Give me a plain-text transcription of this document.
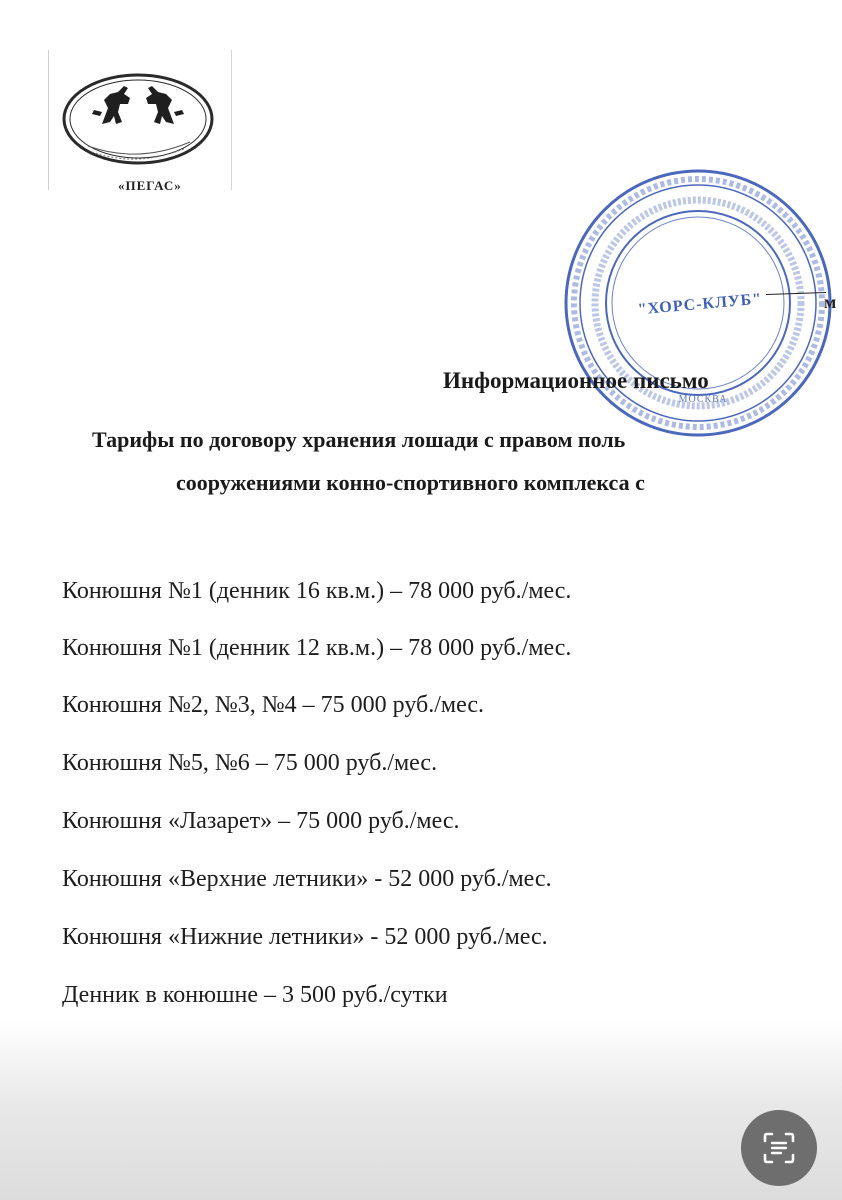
«ПЕГАС»
"ХОРС-КЛУБ"
МОСКВА
м
Информационное письмо
Тарифы по договору хранения лошади с правом поль
сооружениями конно-спортивного комплекса с
Конюшня №1 (денник 16 кв.м.) – 78 000 руб./мес.
Конюшня №1 (денник 12 кв.м.) – 78 000 руб./мес.
Конюшня №2, №3, №4 – 75 000 руб./мес.
Конюшня №5, №6 – 75 000 руб./мес.
Конюшня «Лазарет» – 75 000 руб./мес.
Конюшня «Верхние летники» - 52 000 руб./мес.
Конюшня «Нижние летники» - 52 000 руб./мес.
Денник в конюшне – 3 500 руб./сутки
